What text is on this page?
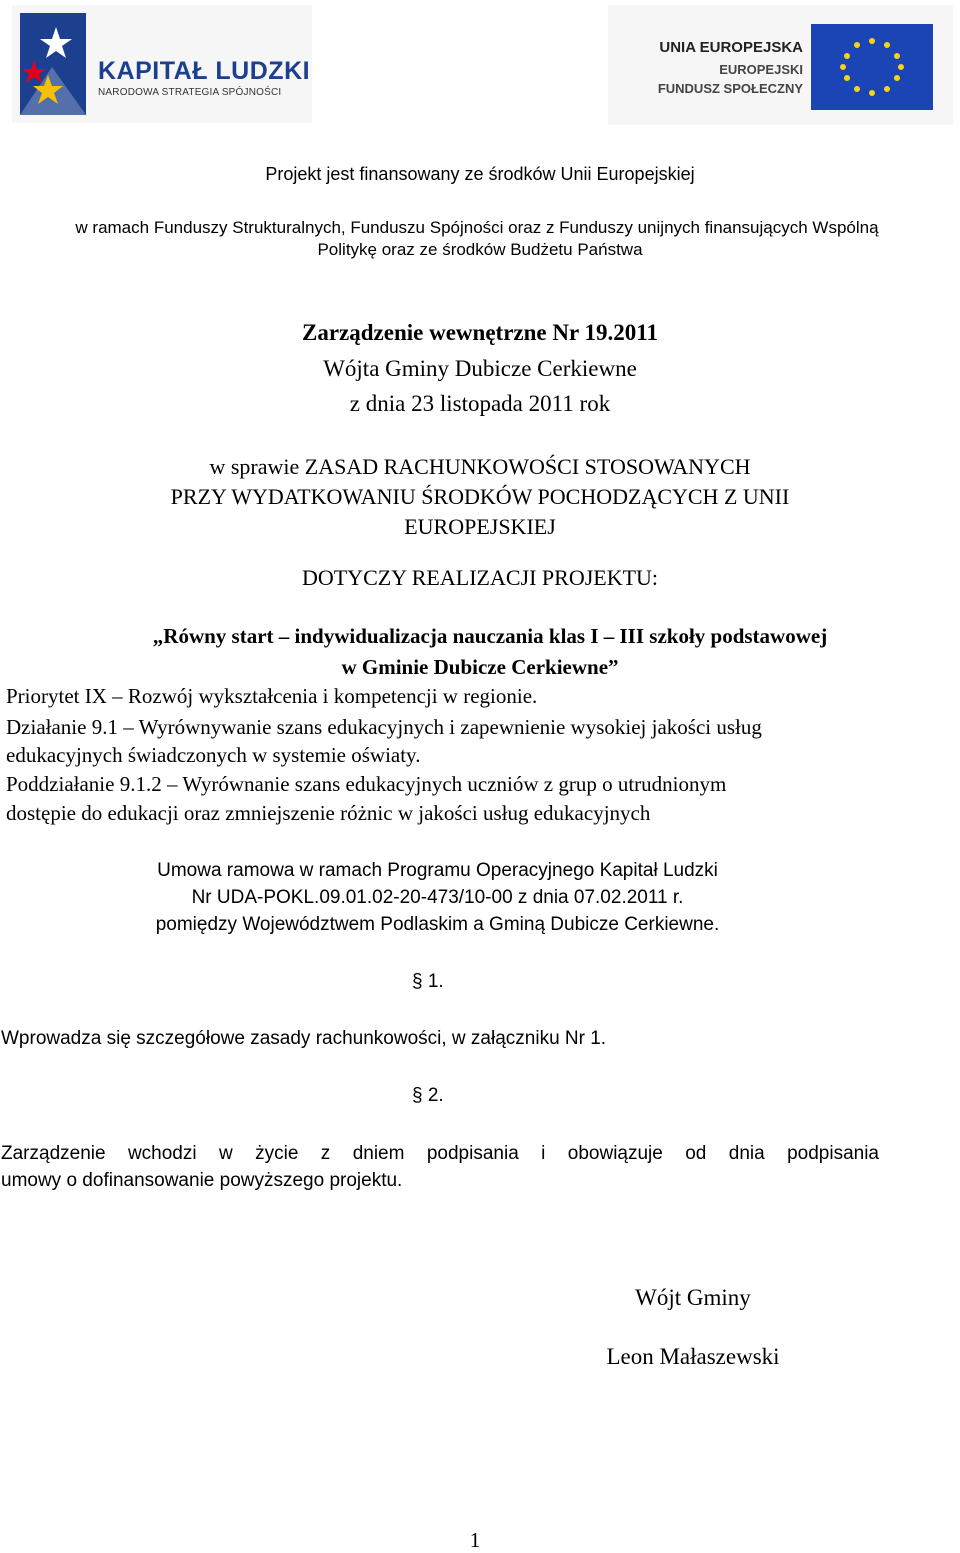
KAPITAŁ LUDZKI
NARODOWA STRATEGIA SPÓJNOŚCI
UNIA EUROPEJSKA
EUROPEJSKI
FUNDUSZ SPOŁECZNY
Projekt jest finansowany ze środków Unii Europejskiej
w ramach Funduszy Strukturalnych, Funduszu Spójności oraz z Funduszy unijnych finansujących Wspólną
Politykę oraz ze środków Budżetu Państwa
Zarządzenie wewnętrzne Nr 19.2011
Wójta Gminy Dubicze Cerkiewne
z dnia 23 listopada 2011 rok
w sprawie ZASAD RACHUNKOWOŚCI STOSOWANYCH
PRZY WYDATKOWANIU ŚRODKÓW POCHODZĄCYCH Z UNII
EUROPEJSKIEJ
DOTYCZY REALIZACJI PROJEKTU:
„Równy start – indywidualizacja nauczania klas I – III szkoły podstawowej
w Gminie Dubicze Cerkiewne”
Priorytet IX – Rozwój wykształcenia i kompetencji w regionie.
Działanie 9.1 – Wyrównywanie szans edukacyjnych i zapewnienie wysokiej jakości usług
edukacyjnych świadczonych w systemie oświaty.
Poddziałanie 9.1.2 – Wyrównanie szans edukacyjnych uczniów z grup o utrudnionym
dostępie do edukacji oraz zmniejszenie różnic w jakości usług edukacyjnych
Umowa ramowa w ramach Programu Operacyjnego Kapitał Ludzki
Nr UDA-POKL.09.01.02-20-473/10-00 z dnia 07.02.2011 r.
pomiędzy Województwem Podlaskim a Gminą Dubicze Cerkiewne.
§ 1.
Wprowadza się szczegółowe zasady rachunkowości, w załączniku Nr 1.
§ 2.
Zarządzenie wchodzi w życie z dniem podpisania i obowiązuje od dnia podpisania
umowy o dofinansowanie powyższego projektu.
Wójt Gminy
Leon Małaszewski
1
